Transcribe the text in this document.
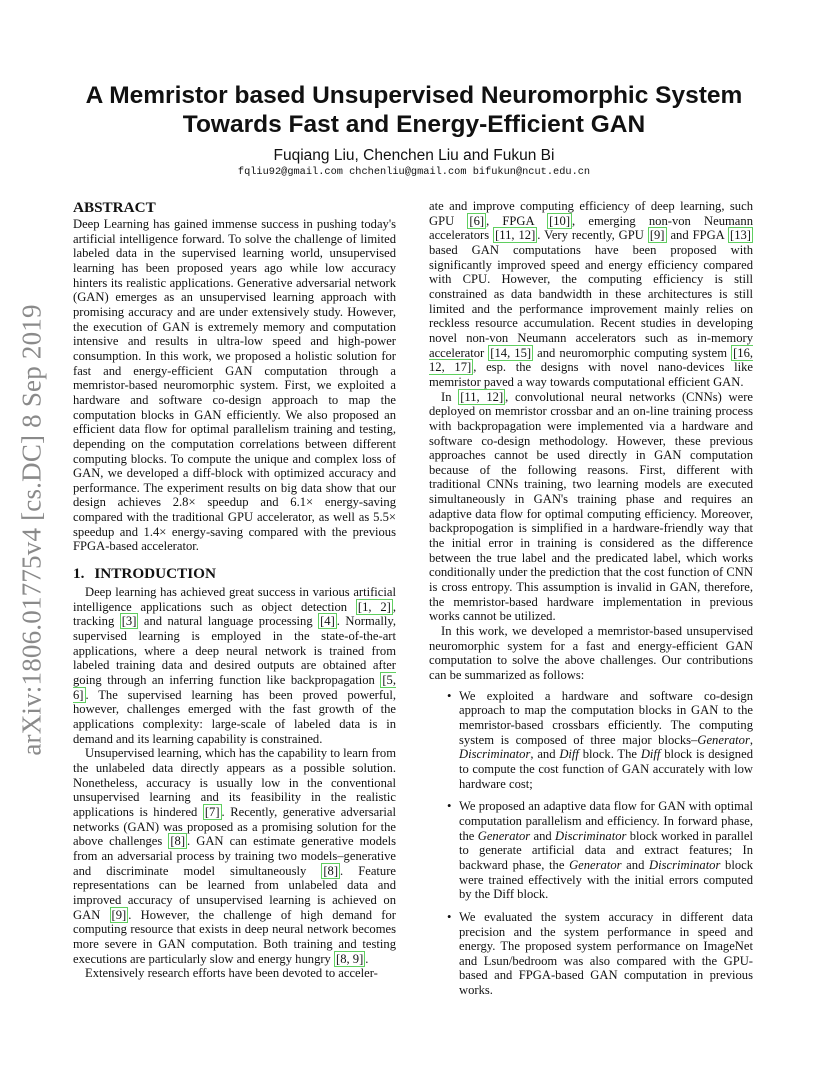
arXiv:1806.01775v4 [cs.DC] 8 Sep 2019
A Memristor based Unsupervised Neuromorphic System
Towards Fast and Energy-Efficient GAN
Fuqiang Liu, Chenchen Liu and Fukun Bi
fqliu92@gmail.com chchenliu@gmail.com bifukun@ncut.edu.cn
ABSTRACT

Deep Learning has gained immense success in pushing today's artificial intelligence forward. To solve the challenge of limited labeled data in the supervised learning world, unsupervised learning has been proposed years ago while low accuracy hinters its realistic applications. Generative adversarial network (GAN) emerges as an unsupervised learning approach with promising accuracy and are under extensively study. However, the execution of GAN is extremely memory and computation intensive and results in ultra-low speed and high-power consumption. In this work, we proposed a holistic solution for fast and energy-efficient GAN computation through a memristor-based neuromorphic system. First, we exploited a hardware and software co-design approach to map the computation blocks in GAN efficiently. We also proposed an efficient data flow for optimal parallelism training and testing, depending on the computation correlations between different computing blocks. To compute the unique and complex loss of GAN, we developed a diff-block with optimized accuracy and performance. The experiment results on big data show that our design achieves 2.8× speedup and 6.1× energy-saving compared with the traditional GPU accelerator, as well as 5.5× speedup and 1.4× energy-saving compared with the previous FPGA-based accelerator.

1. INTRODUCTION

Deep learning has achieved great success in various artificial intelligence applications such as object detection [1, 2] , tracking [3] and natural language processing [4] . Normally, supervised learning is employed in the state-of-the-art applications, where a deep neural network is trained from labeled training data and desired outputs are obtained after going through an inferring function like backpropagation [5, 6] . The supervised learning has been proved powerful, however, challenges emerged with the fast growth of the applications complexity: large-scale of labeled data is in demand and its learning capability is constrained.

Unsupervised learning, which has the capability to learn from the unlabeled data directly appears as a possible solution. Nonetheless, accuracy is usually low in the conventional unsupervised learning and its feasibility in the realistic applications is hindered [7] . Recently, generative adversarial networks (GAN) was proposed as a promising solution for the above challenges [8] . GAN can estimate generative models from an adversarial process by training two models–generative and discriminate model simultaneously [8] . Feature representations can be learned from unlabeled data and improved accuracy of unsupervised learning is achieved on GAN [9] . However, the challenge of high demand for computing resource that exists in deep neural network becomes more severe in GAN computation. Both training and testing executions are particularly slow and energy hungry [8, 9] .

Extensively research efforts have been devoted to acceler-

ate and improve computing efficiency of deep learning, such GPU [6] , FPGA [10] , emerging non-von Neumann accelerators [11, 12] . Very recently, GPU [9] and FPGA [13] based GAN computations have been proposed with significantly improved speed and energy efficiency compared with CPU. However, the computing efficiency is still constrained as data bandwidth in these architectures is still limited and the performance improvement mainly relies on reckless resource accumulation. Recent studies in developing novel non-von Neumann accelerators such as in-memory accelerator [14, 15] and neuromorphic computing system [16, 12, 17] , esp. the designs with novel nano-devices like memristor paved a way towards computational efficient GAN.

In [11, 12] , convolutional neural networks (CNNs) were deployed on memristor crossbar and an on-line training process with backpropagation were implemented via a hardware and software co-design methodology. However, these previous approaches cannot be used directly in GAN computation because of the following reasons. First, different with traditional CNNs training, two learning models are executed simultaneously in GAN's training phase and requires an adaptive data flow for optimal computing efficiency. Moreover, backpropogation is simplified in a hardware-friendly way that the initial error in training is considered as the difference between the true label and the predicated label, which works conditionally under the prediction that the cost function of CNN is cross entropy. This assumption is invalid in GAN, therefore, the memristor-based hardware implementation in previous works cannot be utilized.

In this work, we developed a memristor-based unsupervised neuromorphic system for a fast and energy-efficient GAN computation to solve the above challenges. Our contributions can be summarized as follows:

• We exploited a hardware and software co-design approach to map the computation blocks in GAN to the memristor-based crossbars efficiently. The computing system is composed of three major blocks–Generator, Discriminator, and Diff block. The Diff block is designed to compute the cost function of GAN accurately with low hardware cost;
• We proposed an adaptive data flow for GAN with optimal computation parallelism and efficiency. In forward phase, the Generator and Discriminator block worked in parallel to generate artificial data and extract features; In backward phase, the Generator and Discriminator block were trained effectively with the initial errors computed by the Diff block.
• We evaluated the system accuracy in different data precision and the system performance in speed and energy. The proposed system performance on ImageNet and Lsun/bedroom was also compared with the GPU-based and FPGA-based GAN computation in previous works.
